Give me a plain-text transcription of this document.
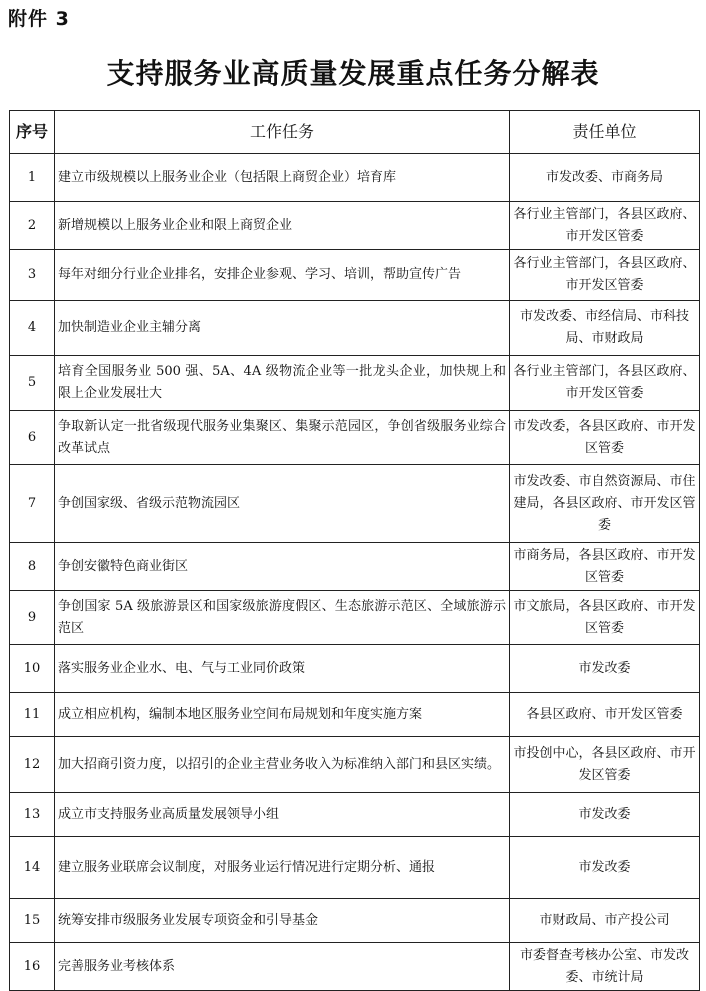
附件 3
支持服务业高质量发展重点任务分解表
序号	工作任务	责任单位
1	建立市级规模以上服务业企业（包括限上商贸企业）培育库	市发改委、市商务局
2	新增规模以上服务业企业和限上商贸企业	各行业主管部门，各县区政府、市开发区管委
3	每年对细分行业企业排名，安排企业参观、学习、培训，帮助宣传广告	各行业主管部门，各县区政府、市开发区管委
4	加快制造业企业主辅分离	市发改委、市经信局、市科技局、市财政局
5	培育全国服务业 500 强、5A、4A 级物流企业等一批龙头企业，加快规上和限上企业发展壮大	各行业主管部门，各县区政府、市开发区管委
6	争取新认定一批省级现代服务业集聚区、集聚示范园区，争创省级服务业综合改革试点	市发改委，各县区政府、市开发区管委
7	争创国家级、省级示范物流园区	市发改委、市自然资源局、市住建局，各县区政府、市开发区管委
8	争创安徽特色商业街区	市商务局，各县区政府、市开发区管委
9	争创国家 5A 级旅游景区和国家级旅游度假区、生态旅游示范区、全域旅游示范区	市文旅局，各县区政府、市开发区管委
10	落实服务业企业水、电、气与工业同价政策	市发改委
11	成立相应机构，编制本地区服务业空间布局规划和年度实施方案	各县区政府、市开发区管委
12	加大招商引资力度，以招引的企业主营业务收入为标准纳入部门和县区实绩。	市投创中心，各县区政府、市开发区管委
13	成立市支持服务业高质量发展领导小组	市发改委
14	建立服务业联席会议制度，对服务业运行情况进行定期分析、通报	市发改委
15	统筹安排市级服务业发展专项资金和引导基金	市财政局、市产投公司
16	完善服务业考核体系	市委督查考核办公室、市发改委、市统计局
